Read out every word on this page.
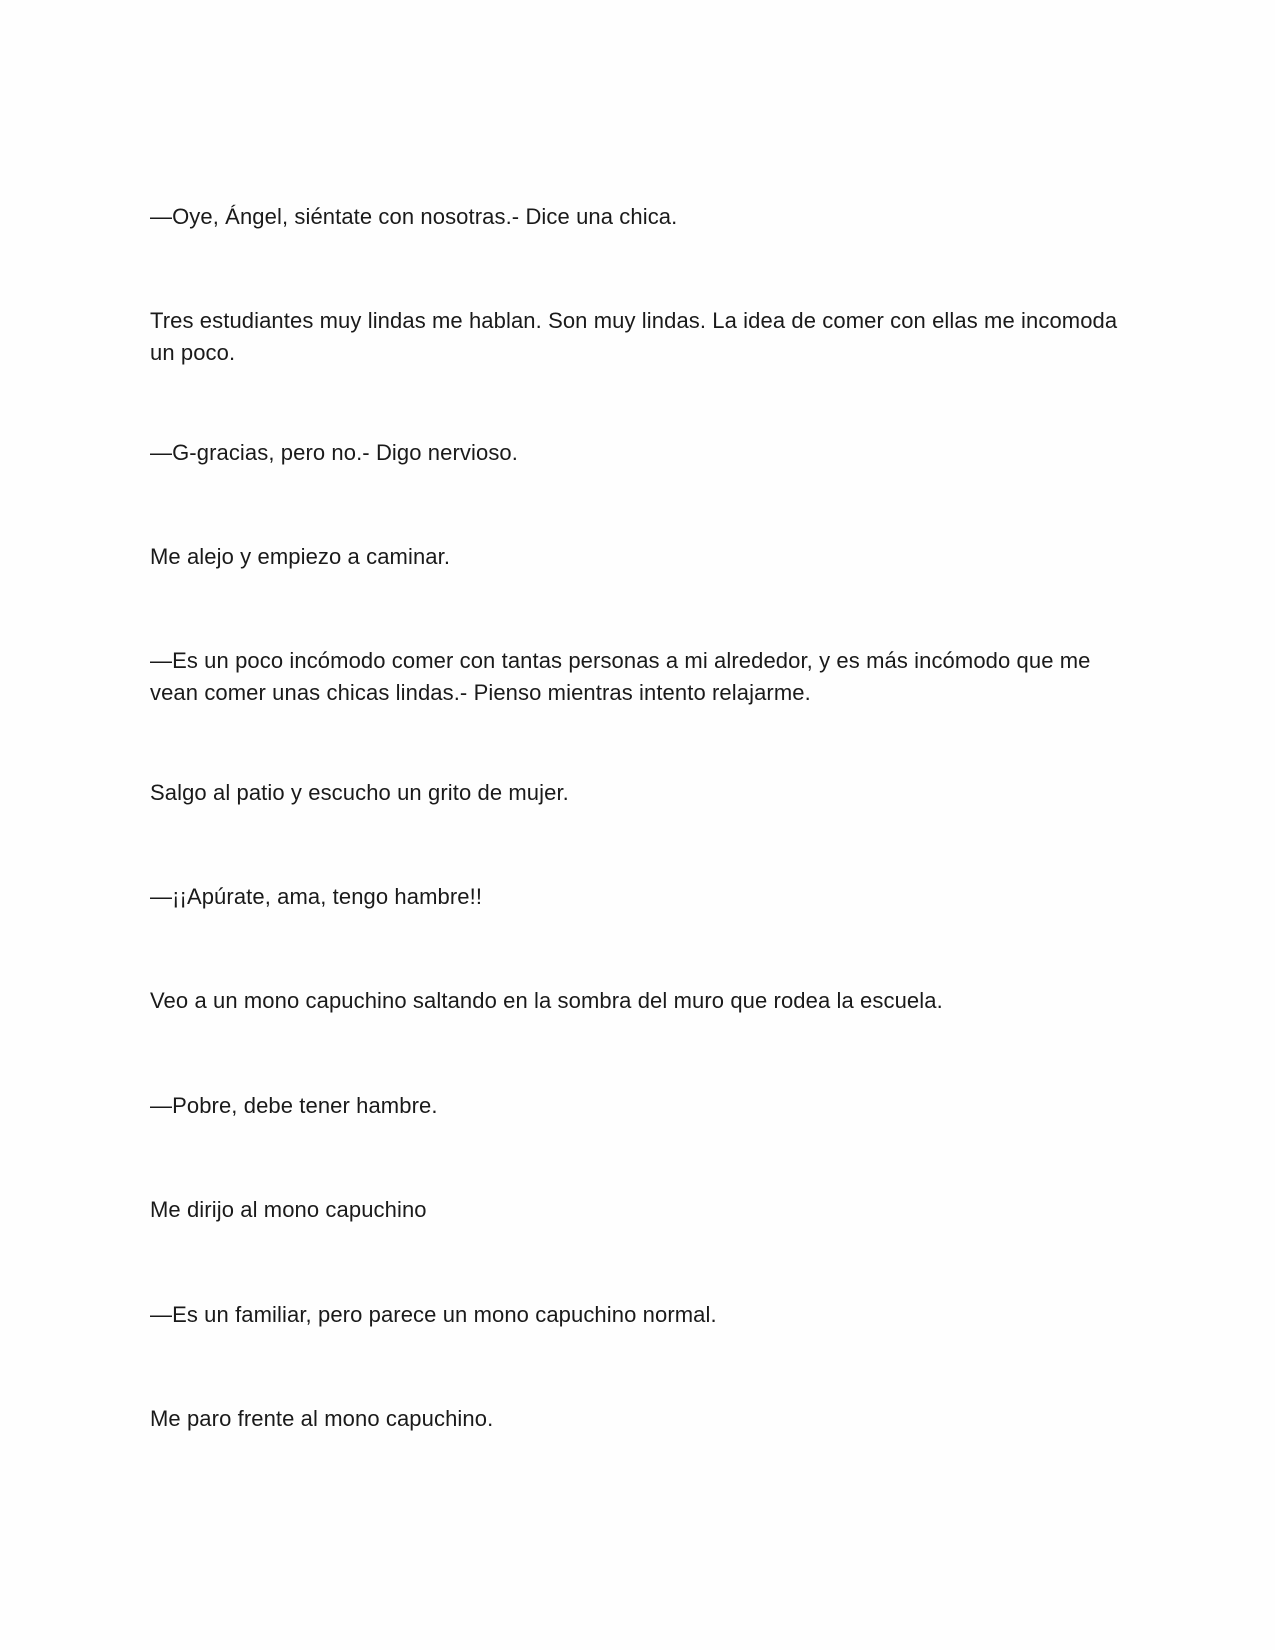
—Oye, Ángel, siéntate con nosotras.- Dice una chica.

Tres estudiantes muy lindas me hablan. Son muy lindas. La idea de comer con ellas me incomoda un poco.

—G-gracias, pero no.- Digo nervioso.

Me alejo y empiezo a caminar.

—Es un poco incómodo comer con tantas personas a mi alrededor, y es más incómodo que me vean comer unas chicas lindas.- Pienso mientras intento relajarme.

Salgo al patio y escucho un grito de mujer.

—¡¡Apúrate, ama, tengo hambre!!

Veo a un mono capuchino saltando en la sombra del muro que rodea la escuela.

—Pobre, debe tener hambre.

Me dirijo al mono capuchino

—Es un familiar, pero parece un mono capuchino normal.

Me paro frente al mono capuchino.
